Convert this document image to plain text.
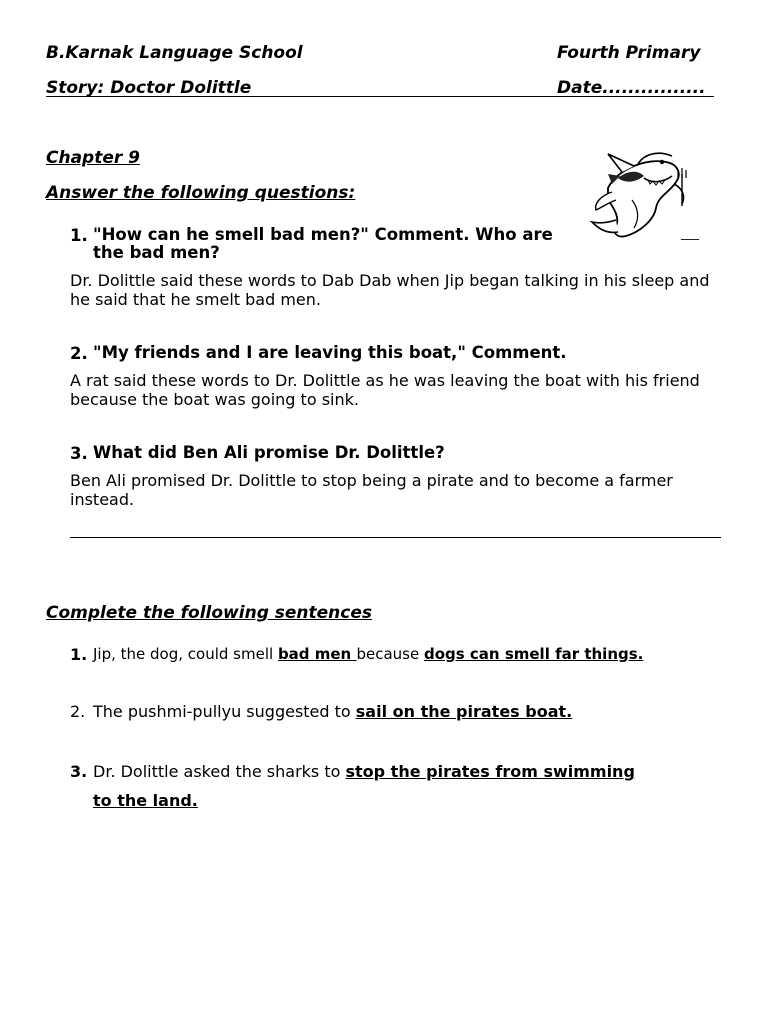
B.Karnak Language School	Fourth Primary
Story: Doctor Dolittle	Date................
Chapter 9
Answer the following questions:
___
1. "How can he smell bad men?" Comment. Who are the bad men?
Dr. Dolittle said these words to Dab Dab when Jip began talking in his sleep and he said that he smelt bad men.
2. "My friends and I are leaving this boat," Comment.
A rat said these words to Dr. Dolittle as he was leaving the boat with his friend because the boat was going to sink.
3. What did Ben Ali promise Dr. Dolittle?
Ben Ali promised Dr. Dolittle to stop being a pirate and to become a farmer instead.
Complete the following sentences
1. Jip, the dog, could smell bad men because dogs can smell far things.
2. The pushmi-pullyu suggested to sail on the pirates boat.
3. Dr. Dolittle asked the sharks to stop the pirates from swimming
to the land.
